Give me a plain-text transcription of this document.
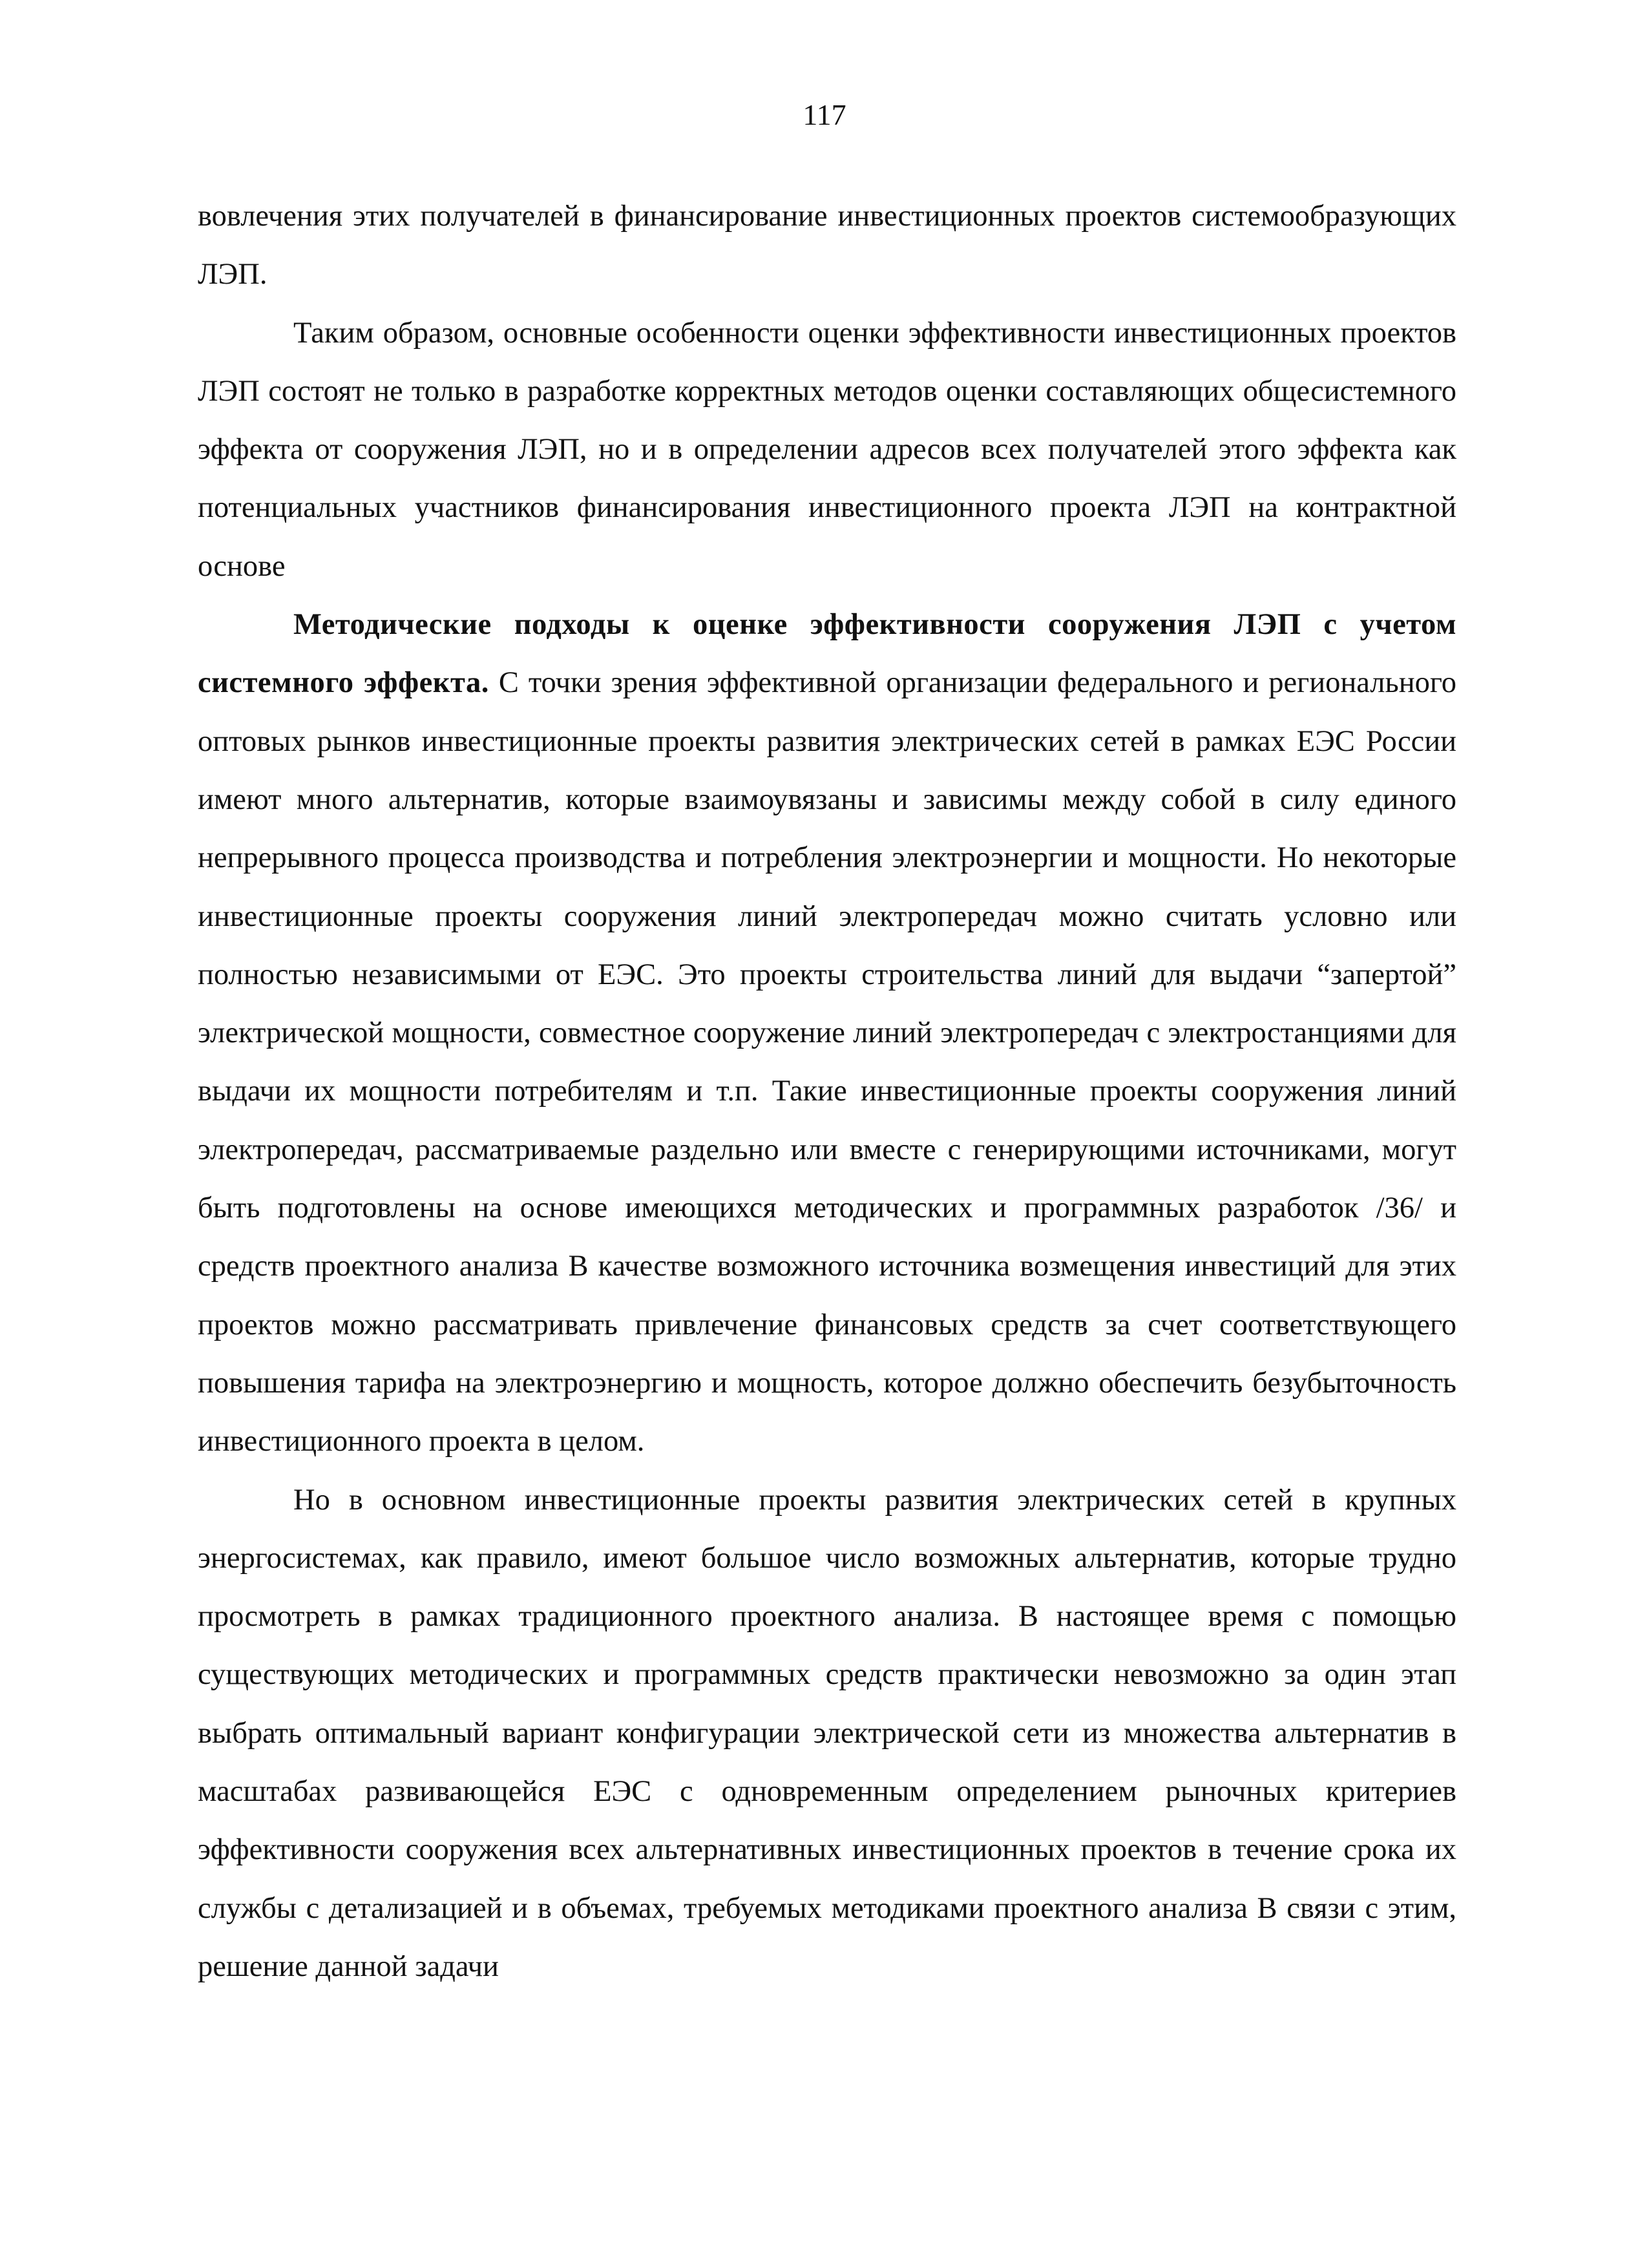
117

вовлечения этих получателей в финансирование инвестиционных проектов системообразующих ЛЭП.

Таким образом, основные особенности оценки эффективности инвестиционных проектов ЛЭП состоят не только в разработке корректных методов оценки составляющих общесистемного эффекта от сооружения ЛЭП, но и в определении адресов всех получателей этого эффекта как потенциальных участников финансирования инвестиционного проекта ЛЭП на контрактной основе

Методические подходы к оценке эффективности сооружения ЛЭП с учетом системного эффекта. С точки зрения эффективной организации федерального и регионального оптовых рынков инвестиционные проекты развития электрических сетей в рамках ЕЭС России имеют много альтернатив, которые взаимоувязаны и зависимы между собой в силу единого непрерывного процесса производства и потребления электроэнергии и мощности. Но некоторые инвестиционные проекты сооружения линий электропередач можно считать условно или полностью независимыми от ЕЭС. Это проекты строительства линий для выдачи “запертой” электрической мощности, совместное сооружение линий электропередач с электростанциями для выдачи их мощности потребителям и т.п. Такие инвестиционные проекты сооружения линий электропередач, рассматриваемые раздельно или вместе с генерирующими источниками, могут быть подготовлены на основе имеющихся методических и программных разработок /36/ и средств проектного анализа В качестве возможного источника возмещения инвестиций для этих проектов можно рассматривать привлечение финансовых средств за счет соответствующего повышения тарифа на электроэнергию и мощность, которое должно обеспечить безубыточность инвестиционного проекта в целом.

Но в основном инвестиционные проекты развития электрических сетей в крупных энергосистемах, как правило, имеют большое число возможных альтернатив, которые трудно просмотреть в рамках традиционного проектного анализа. В настоящее время с помощью существующих методических и программных средств практически невозможно за один этап выбрать оптимальный вариант конфигурации электрической сети из множества альтернатив в масштабах развивающейся ЕЭС с одновременным определением рыночных критериев эффективности сооружения всех альтернативных инвестиционных проектов в течение срока их службы с детализацией и в объемах, требуемых методиками проектного анализа В связи с этим, решение данной задачи
